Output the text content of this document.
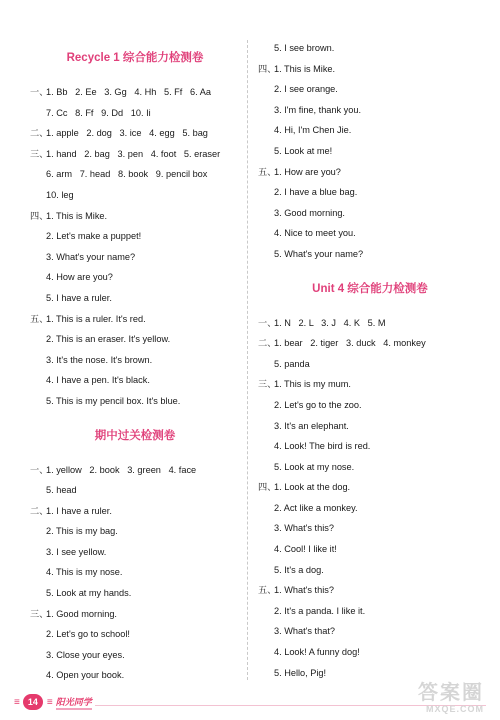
Recycle 1 综合能力检测卷
一、1. Bb   2. Ee   3. Gg   4. Hh   5. Ff   6. Aa
7. Cc   8. Ff   9. Dd   10. Ii
二、1. apple   2. dog   3. ice   4. egg   5. bag
三、1. hand   2. bag   3. pen   4. foot   5. eraser
6. arm   7. head   8. book   9. pencil box
10. leg
四、1. This is Mike.
2. Let's make a puppet!
3. What's your name?
4. How are you?
5. I have a ruler.
五、1. This is a ruler. It's red.
2. This is an eraser. It's yellow.
3. It's the nose. It's brown.
4. I have a pen. It's black.
5. This is my pencil box. It's blue.
期中过关检测卷
一、1. yellow   2. book   3. green   4. face
5. head
二、1. I have a ruler.
2. This is my bag.
3. I see yellow.
4. This is my nose.
5. Look at my hands.
三、1. Good morning.
2. Let's go to school!
3. Close your eyes.
4. Open your book.
5. I see brown.
四、1. This is Mike.
2. I see orange.
3. I'm fine, thank you.
4. Hi, I'm Chen Jie.
5. Look at me!
五、1. How are you?
2. I have a blue bag.
3. Good morning.
4. Nice to meet you.
5. What's your name?
Unit 4 综合能力检测卷
一、1. N   2. L   3. J   4. K   5. M
二、1. bear   2. tiger   3. duck   4. monkey
5. panda
三、1. This is my mum.
2. Let's go to the zoo.
3. It's an elephant.
4. Look! The bird is red.
5. Look at my nose.
四、1. Look at the dog.
2. Act like a monkey.
3. What's this?
4. Cool! I like it!
5. It's a dog.
五、1. What's this?
2. It's a panda. I like it.
3. What's that?
4. Look! A funny dog!
5. Hello, Pig!
≡	14 ≡ 阳光同学	答案圈
MXQE.COM
